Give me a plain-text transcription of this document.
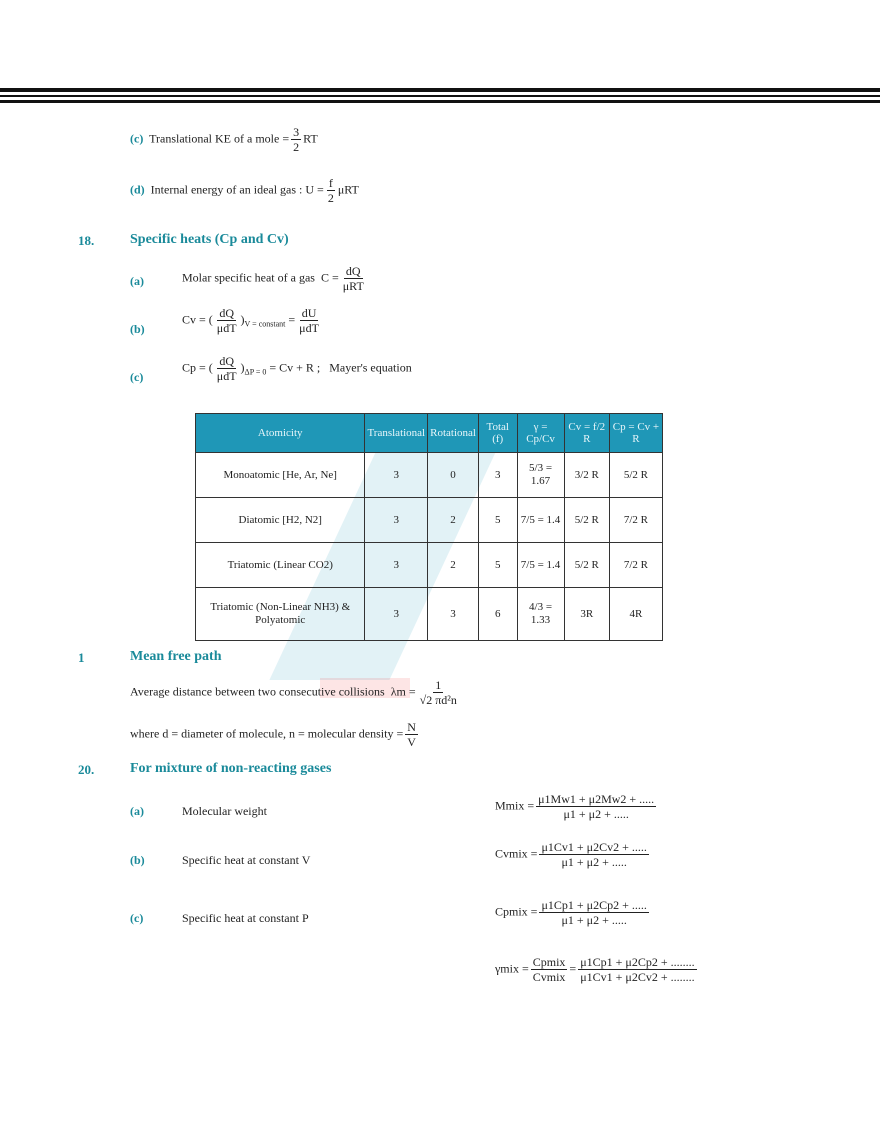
(c) Translational KE of a mole = $\frac{3}{2}$ RT
(d) Internal energy of an ideal gas : $U = \frac{f}{2}$ μRT
18.	Specific heats (Cp and Cv)
(a)	Molar specific heat of a gas $C = \frac{dQ}{\text{μRT}}$
(b)
Cv = ( $\frac{dQ}{\text{μdT}} )_{V = constant} = \frac{dU}{\text{μdT}}$
(c)
Cp = ( $\frac{dQ}{\text{μdT}} )_{\Delta P = 0} = Cv + R$ ; Mayer's equation
Atomicity	Translational	Rotational	Total (f)	γ = Cp/Cv	Cv = f/2 R	Cp = Cv + R
Monoatomic [He, Ar, Ne]	3	0	3	5/3 = 1.67	3/2 R	5/2 R
Diatomic [H2, N2]	3	2	5	7/5 = 1.4	5/2 R	7/2 R
Triatomic (Linear CO2)	3	2	5	7/5 = 1.4	5/2 R	7/2 R
Triatomic (Non-Linear NH3) & Polyatomic	3	3	6	4/3 = 1.33	3R	4R
1	Mean free path
Average distance between two consecutive collisions $\lambda m = \frac{1}{\text{√2 πd²n}}$
where d = diameter of molecule, n = molecular density = $\frac{N}{V}$
20.	For mixture of non-reacting gases
(a)	Molecular weight	Mmix = $\frac{\mu 1Mw1 + \mu 2Mw2 + .....}{\mu 1 + \mu 2 + .....}$
(b)	Specific heat at constant V	Cvmix = $\frac{\mu 1Cv1 + \mu 2Cv2 + .....}{\mu 1 + \mu 2 + .....}$
(c)	Specific heat at constant P	Cpmix = $\frac{\mu 1Cp1 + \mu 2Cp2 + .....}{\mu 1 + \mu 2 + .....}$
$\gamma mix = \frac{\text{Cpmix}}{\text{Cvmix}} = \frac{\mu 1Cp1 + \mu 2Cp2 + ........}{\mu 1Cv1 + \mu 2Cv2 + ........}$
